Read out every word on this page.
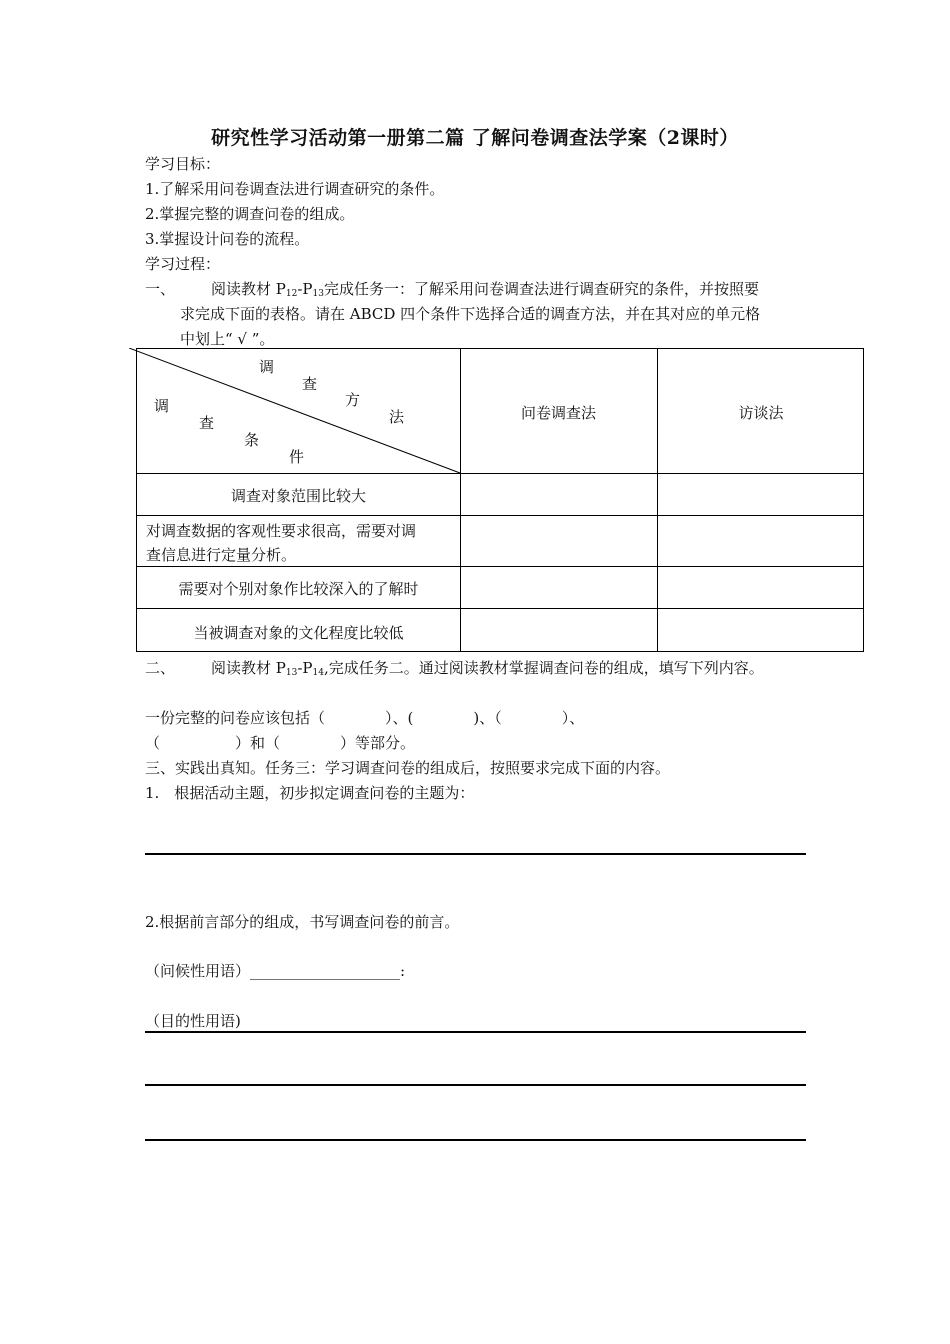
研究性学习活动第一册第二篇 了解问卷调查法学案（2课时）
学习目标：
1.了解采用问卷调查法进行调查研究的条件。
2.掌握完整的调查问卷的组成。
3.掌握设计问卷的流程。
学习过程：
一、 阅读教材 $P_{12}-P_{13}$完成任务一：了解采用问卷调查法进行调查研究的条件，并按照要
求完成下面的表格。请在 ABCD 四个条件下选择合适的调查方法，并在其对应的单元格
中划上“ √ ”。
调
查
方
法
调
查
条
件
问卷调查法	访谈法
调查对象范围比较大
对调查数据的客观性要求很高，需要对调
查信息进行定量分析。
需要对个别对象作比较深入的了解时
当被调查对象的文化程度比较低
二、 阅读教材 $P_{13}-P_{14}$,完成任务二。通过阅读教材掌握调查问卷的组成，填写下列内容。
一份完整的问卷应该包括（　　　　）、(　　　　)、（　　　　）、
（　　　　　）和（　　　　）等部分。
三、实践出真知。任务三：学习调查问卷的组成后，按照要求完成下面的内容。
1.　根据活动主题，初步拟定调查问卷的主题为：
2.根据前言部分的组成，书写调查问卷的前言。
（问候性用语）____________________:
（目的性用语)
